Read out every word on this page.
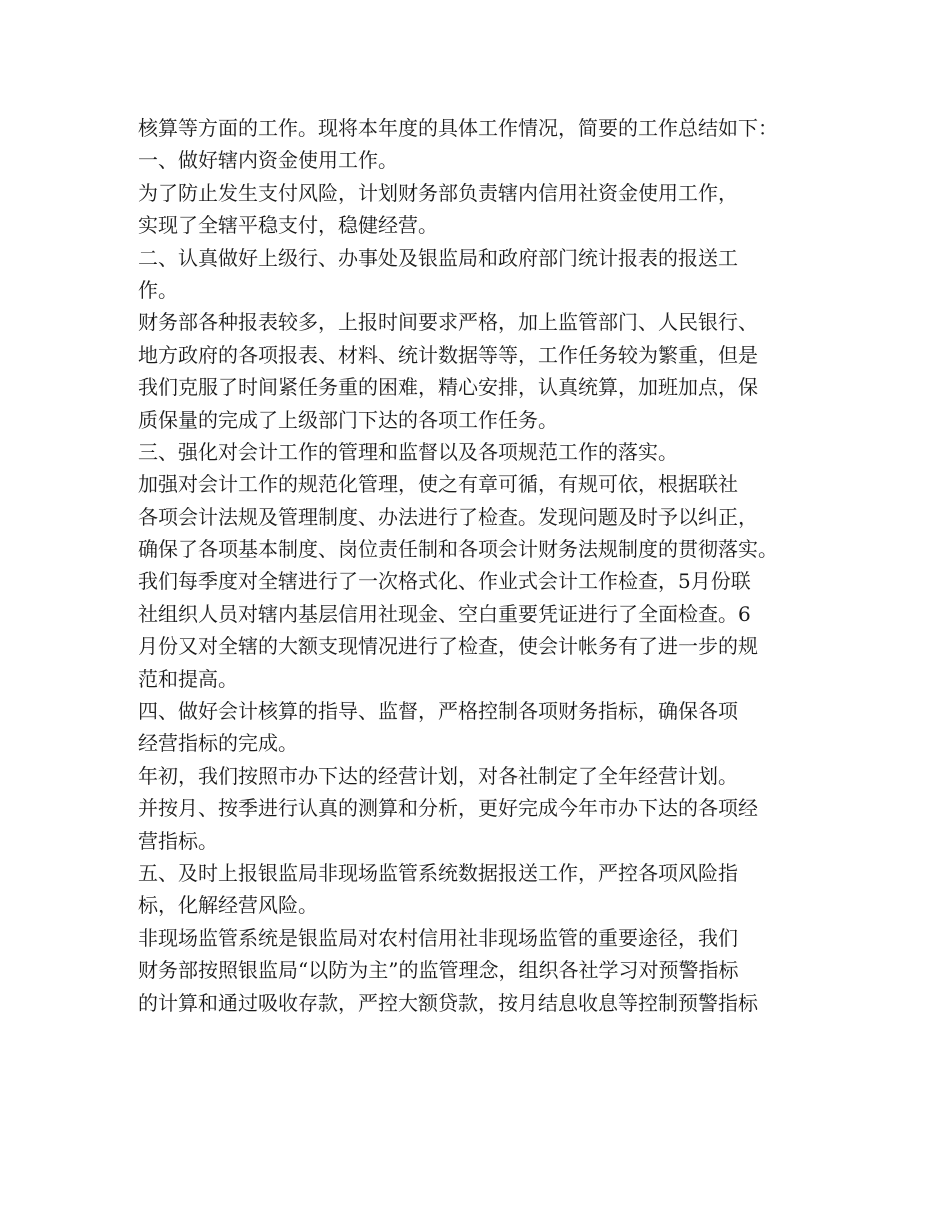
核算等方面的工作。现将本年度的具体工作情况，简要的工作总结如下：
一、做好辖内资金使用工作。
为了防止发生支付风险，计划财务部负责辖内信用社资金使用工作，
实现了全辖平稳支付，稳健经营。
二、认真做好上级行、办事处及银监局和政府部门统计报表的报送工
作。
财务部各种报表较多，上报时间要求严格，加上监管部门、人民银行、
地方政府的各项报表、材料、统计数据等等，工作任务较为繁重，但是
我们克服了时间紧任务重的困难，精心安排，认真统算，加班加点，保
质保量的完成了上级部门下达的各项工作任务。
三、强化对会计工作的管理和监督以及各项规范工作的落实。
加强对会计工作的规范化管理，使之有章可循，有规可依，根据联社
各项会计法规及管理制度、办法进行了检查。发现问题及时予以纠正，
确保了各项基本制度、岗位责任制和各项会计财务法规制度的贯彻落实。
我们每季度对全辖进行了一次格式化、作业式会计工作检查，5月份联
社组织人员对辖内基层信用社现金、空白重要凭证进行了全面检查。6
月份又对全辖的大额支现情况进行了检查，使会计帐务有了进一步的规
范和提高。
四、做好会计核算的指导、监督，严格控制各项财务指标，确保各项
经营指标的完成。
年初，我们按照市办下达的经营计划，对各社制定了全年经营计划。
并按月、按季进行认真的测算和分析，更好完成今年市办下达的各项经
营指标。
五、及时上报银监局非现场监管系统数据报送工作，严控各项风险指
标，化解经营风险。
非现场监管系统是银监局对农村信用社非现场监管的重要途径，我们
财务部按照银监局“以防为主”的监管理念，组织各社学习对预警指标
的计算和通过吸收存款，严控大额贷款，按月结息收息等控制预警指标
